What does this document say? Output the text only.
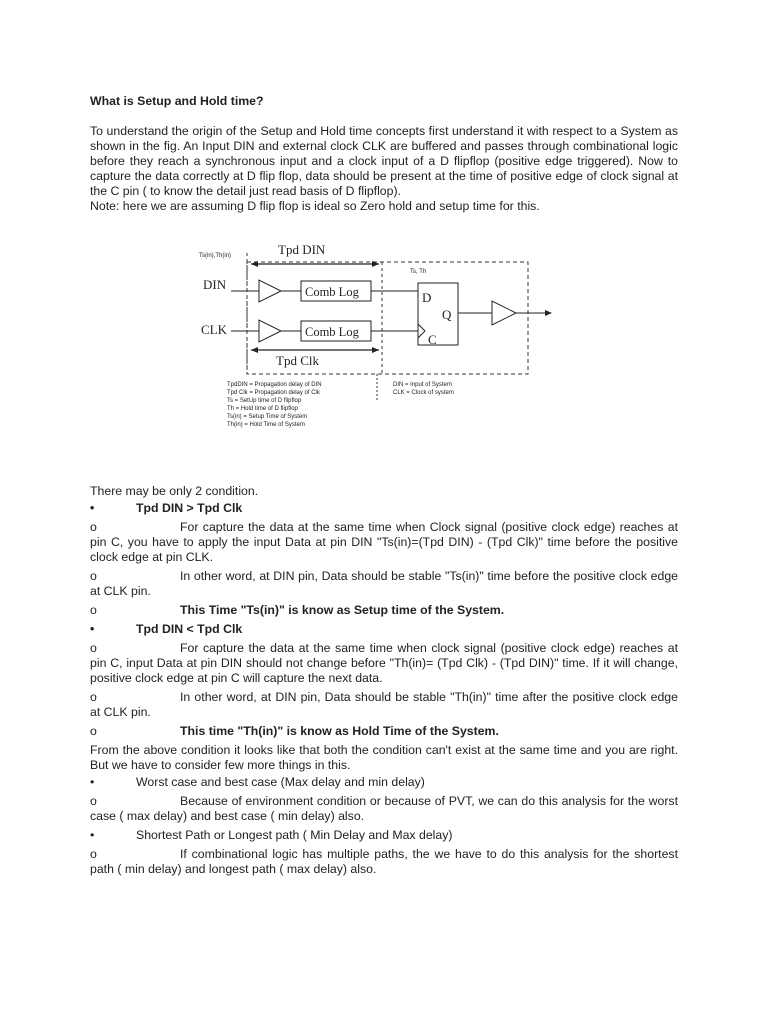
What is Setup and Hold time?

To understand the origin of the Setup and Hold time concepts first understand it with respect to a System as shown in the fig. An Input DIN and external clock CLK are buffered and passes through combinational logic before they reach a synchronous input and a clock input of a D flipflop (positive edge triggered). Now to capture the data correctly at D flip flop, data should be present at the time of positive edge of clock signal at the C pin ( to know the detail just read basis of D flipflop).

Note: here we are assuming D flip flop is ideal so Zero hold and setup time for this.

Tpd DIN
Ts(in),Th(in)
Ts, Th
DIN	Comb Log
CLK	Comb Log
D
Q
C
Tpd Clk
TpdDIN = Propagation delay of DIN
Tpd Clk = Propagation delay of Clk
Ts = SetUp time of D flipflop
Th = Hold time of D flipflop
Ts(in) = Setup Time of System
Th(in) = Hold Time of System
DIN = Input of System
CLK = Clock of system
There may be only 2 condition.
•	Tpd DIN > Tpd Clk
o	For capture the data at the same time when Clock signal (positive clock edge) reaches at pin C, you have to apply the input Data at pin DIN "Ts(in)=(Tpd DIN) - (Tpd Clk)" time before the positive clock edge at pin CLK.
o	In other word, at DIN pin, Data should be stable "Ts(in)" time before the positive clock edge at CLK pin.
o	This Time "Ts(in)" is know as Setup time of the System.
•	Tpd DIN < Tpd Clk
o	For capture the data at the same time when clock signal (positive clock edge) reaches at pin C, input Data at pin DIN should not change before "Th(in)= (Tpd Clk) - (Tpd DIN)" time. If it will change, positive clock edge at pin C will capture the next data.
o	In other word, at DIN pin, Data should be stable "Th(in)" time after the positive clock edge at CLK pin.
o	This time "Th(in)" is know as Hold Time of the System.
From the above condition it looks like that both the condition can't exist at the same time and you are right. But we have to consider few more things in this.
•	Worst case and best case (Max delay and min delay)
o	Because of environment condition or because of PVT, we can do this analysis for the worst case ( max delay) and best case ( min delay) also.
•	Shortest Path or Longest path ( Min Delay and Max delay)
o	If combinational logic has multiple paths, the we have to do this analysis for the shortest path ( min delay) and longest path ( max delay) also.
